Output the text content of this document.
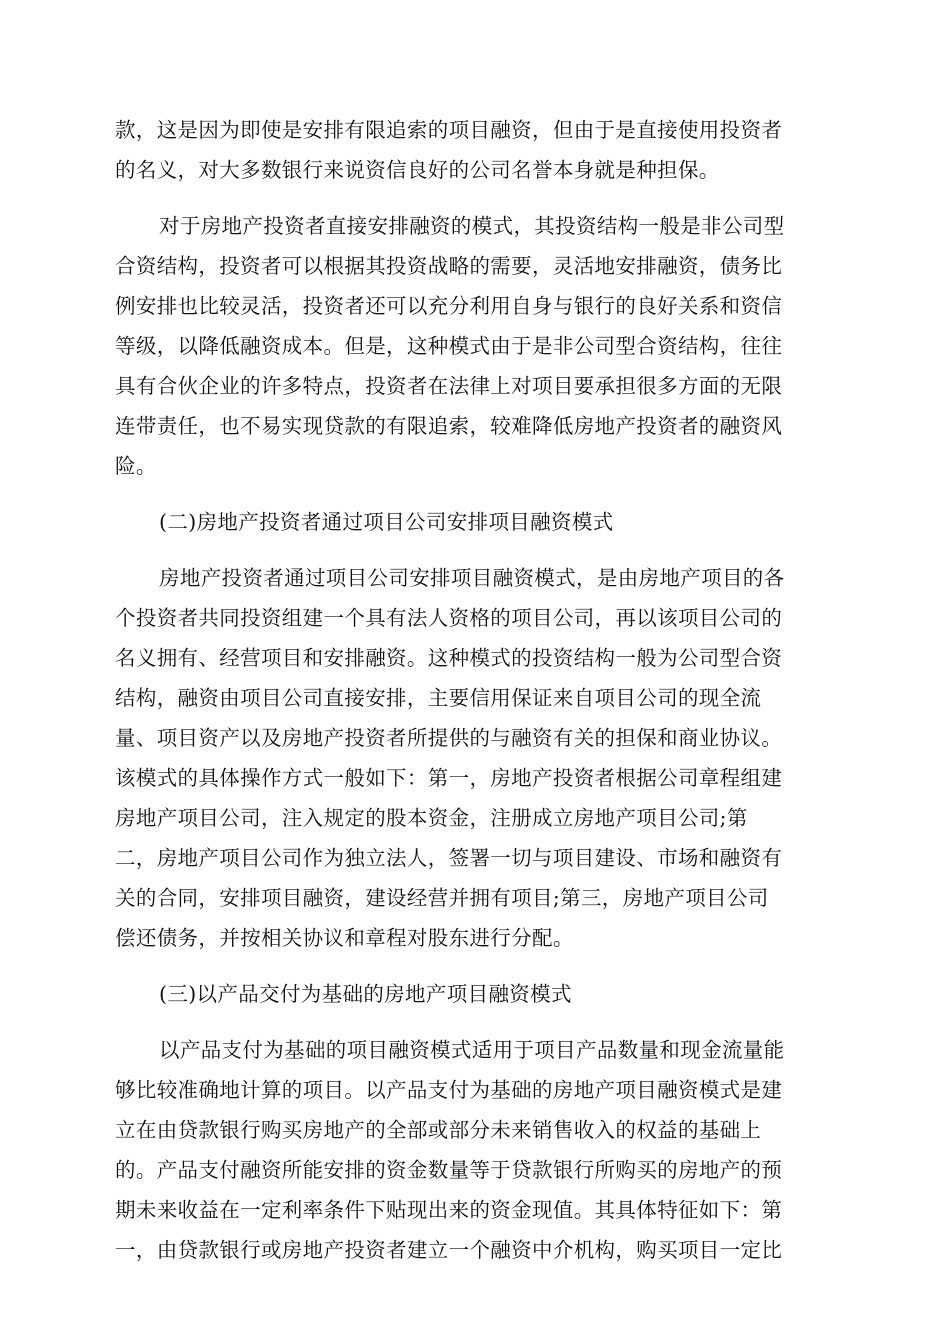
款，这是因为即使是安排有限追索的项目融资，但由于是直接使用投资者
的名义，对大多数银行来说资信良好的公司名誉本身就是种担保。
对于房地产投资者直接安排融资的模式，其投资结构一般是非公司型
合资结构，投资者可以根据其投资战略的需要，灵活地安排融资，债务比
例安排也比较灵活，投资者还可以充分利用自身与银行的良好关系和资信
等级，以降低融资成本。但是，这种模式由于是非公司型合资结构，往往
具有合伙企业的许多特点，投资者在法律上对项目要承担很多方面的无限
连带责任，也不易实现贷款的有限追索，较难降低房地产投资者的融资风
险。
(二)房地产投资者通过项目公司安排项目融资模式
房地产投资者通过项目公司安排项目融资模式，是由房地产项目的各
个投资者共同投资组建一个具有法人资格的项目公司，再以该项目公司的
名义拥有、经营项目和安排融资。这种模式的投资结构一般为公司型合资
结构，融资由项目公司直接安排，主要信用保证来自项目公司的现全流
量、项目资产以及房地产投资者所提供的与融资有关的担保和商业协议。
该模式的具体操作方式一般如下：第一，房地产投资者根据公司章程组建
房地产项目公司，注入规定的股本资金，注册成立房地产项目公司;第
二，房地产项目公司作为独立法人，签署一切与项目建设、市场和融资有
关的合同，安排项目融资，建设经营并拥有项目;第三，房地产项目公司
偿还债务，并按相关协议和章程对股东进行分配。
(三)以产品交付为基础的房地产项目融资模式
以产品支付为基础的项目融资模式适用于项目产品数量和现金流量能
够比较准确地计算的项目。以产品支付为基础的房地产项目融资模式是建
立在由贷款银行购买房地产的全部或部分未来销售收入的权益的基础上
的。产品支付融资所能安排的资金数量等于贷款银行所购买的房地产的预
期未来收益在一定利率条件下贴现出来的资金现值。其具体特征如下：第
一，由贷款银行或房地产投资者建立一个融资中介机构，购买项目一定比
